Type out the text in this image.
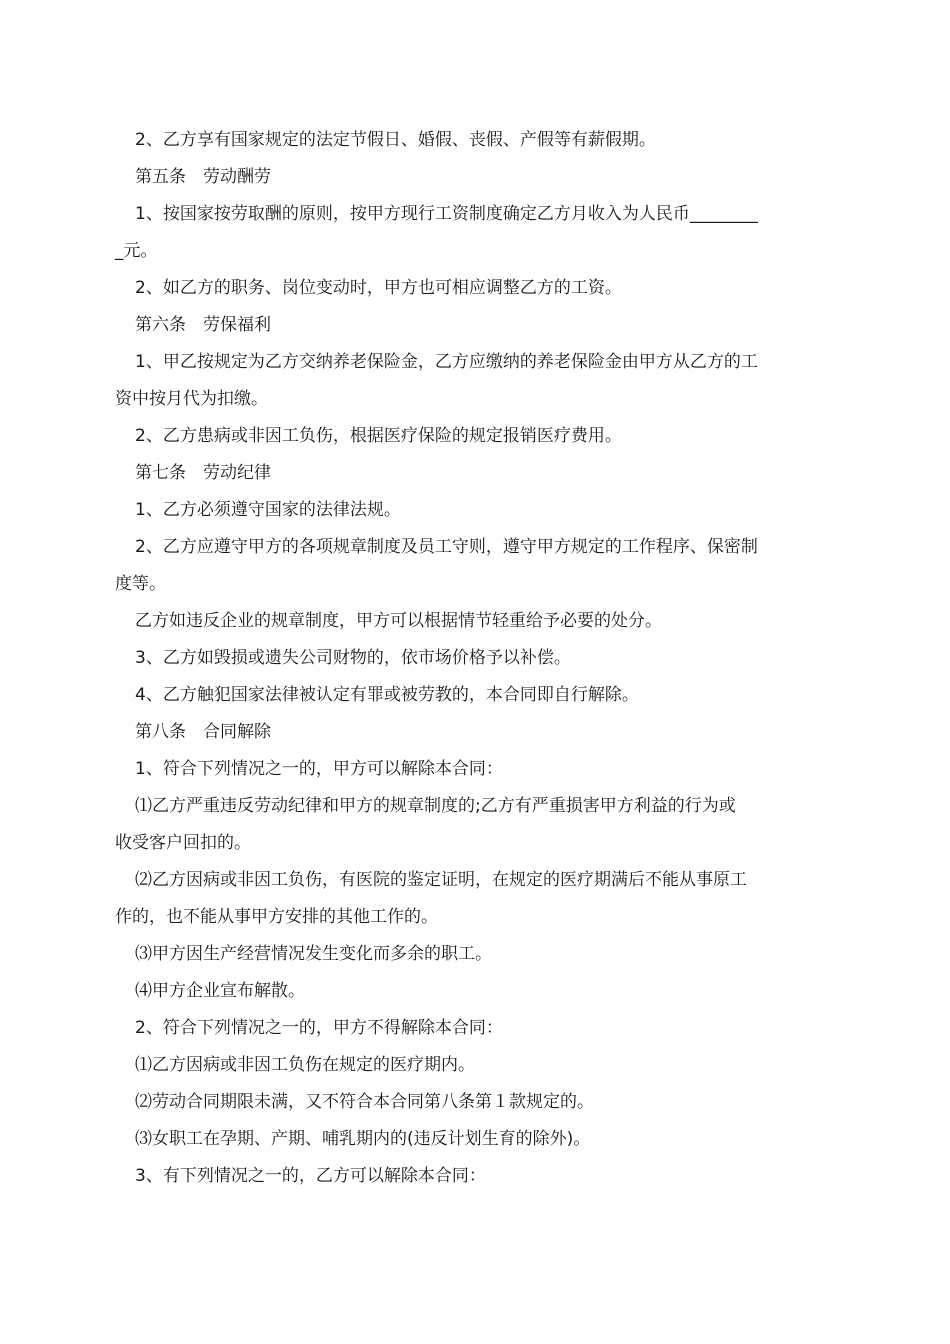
2、乙方享有国家规定的法定节假日、婚假、丧假、产假等有薪假期。

第五条　劳动酬劳

1、按国家按劳取酬的原则，按甲方现行工资制度确定乙方月收入为人民币________

_元。

2、如乙方的职务、岗位变动时，甲方也可相应调整乙方的工资。

第六条　劳保福利

1、甲乙按规定为乙方交纳养老保险金，乙方应缴纳的养老保险金由甲方从乙方的工

资中按月代为扣缴。

2、乙方患病或非因工负伤，根据医疗保险的规定报销医疗费用。

第七条　劳动纪律

1、乙方必须遵守国家的法律法规。

2、乙方应遵守甲方的各项规章制度及员工守则，遵守甲方规定的工作程序、保密制

度等。

乙方如违反企业的规章制度，甲方可以根据情节轻重给予必要的处分。

3、乙方如毁损或遗失公司财物的，依市场价格予以补偿。

4、乙方触犯国家法律被认定有罪或被劳教的，本合同即自行解除。

第八条　合同解除

1、符合下列情况之一的，甲方可以解除本合同：

⑴乙方严重违反劳动纪律和甲方的规章制度的;乙方有严重损害甲方利益的行为或

收受客户回扣的。

⑵乙方因病或非因工负伤，有医院的鉴定证明，在规定的医疗期满后不能从事原工

作的，也不能从事甲方安排的其他工作的。

⑶甲方因生产经营情况发生变化而多余的职工。

⑷甲方企业宣布解散。

2、符合下列情况之一的，甲方不得解除本合同：

⑴乙方因病或非因工负伤在规定的医疗期内。

⑵劳动合同期限未满，又不符合本合同第八条第１款规定的。

⑶女职工在孕期、产期、哺乳期内的(违反计划生育的除外)。

3、有下列情况之一的，乙方可以解除本合同：
